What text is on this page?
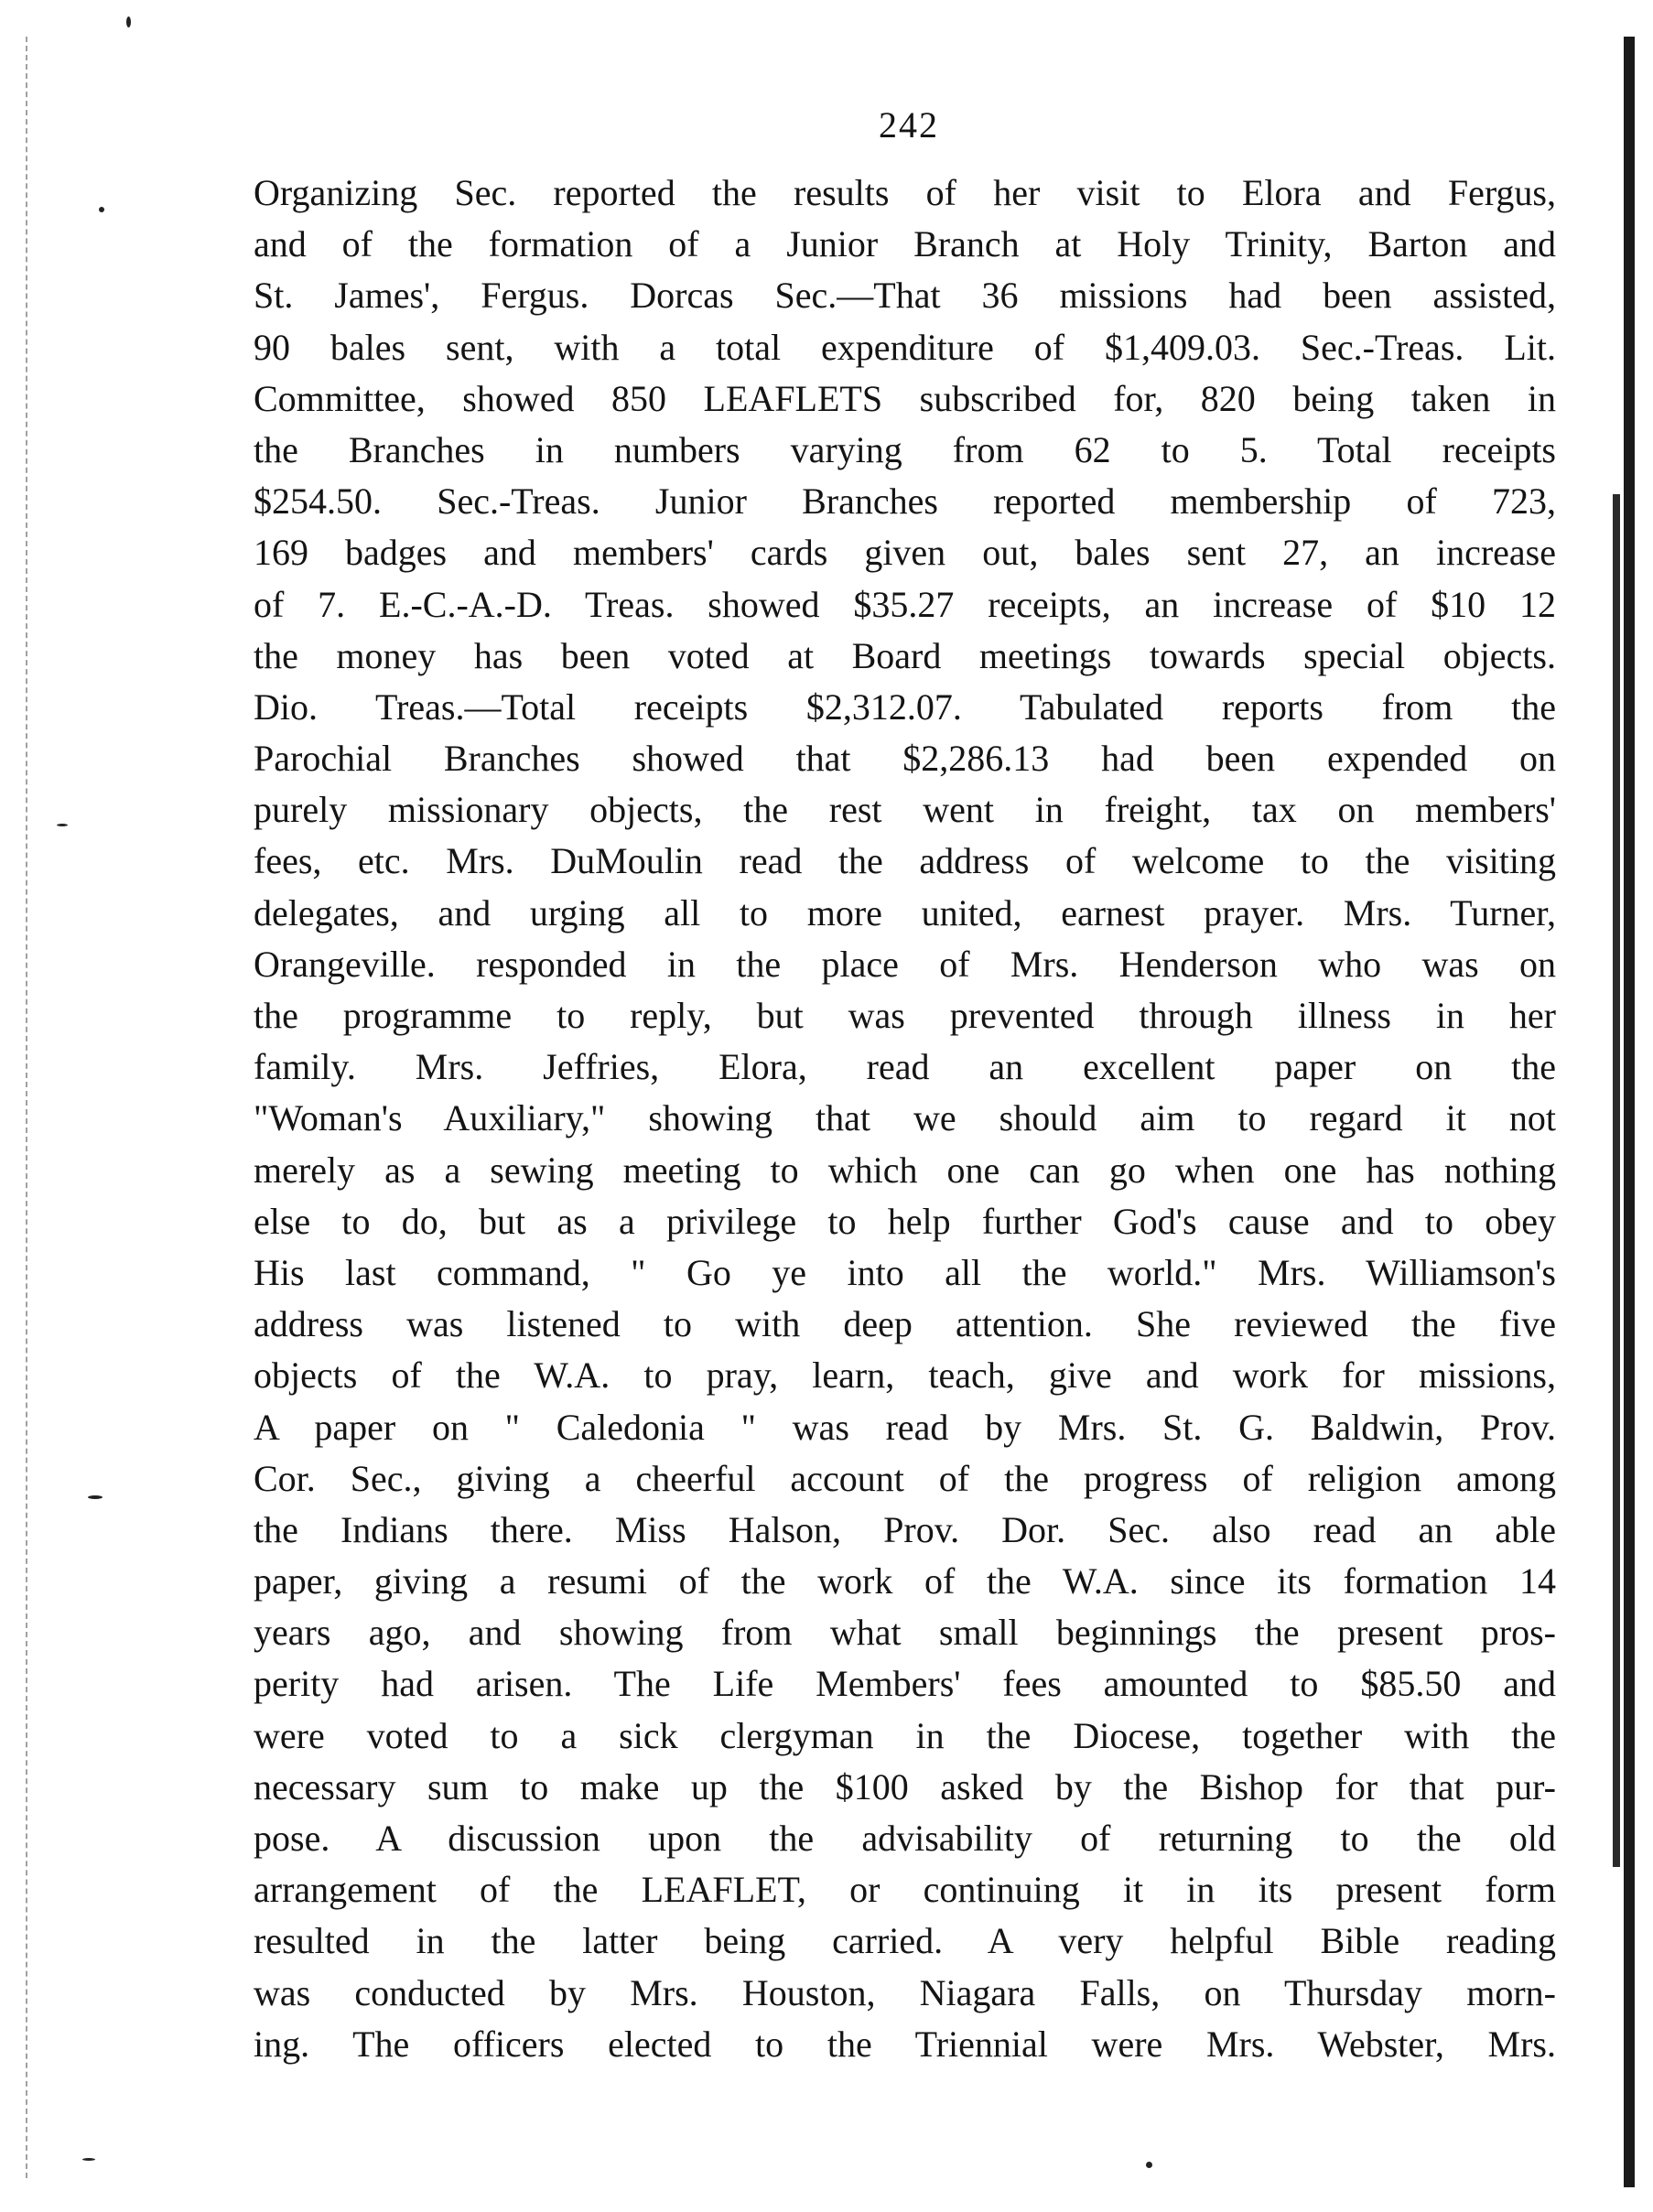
242
Organizing Sec. reported the results of her visit to Elora and Fergus,
and of the formation of a Junior Branch at Holy Trinity, Barton and
St. James', Fergus. Dorcas Sec.—That 36 missions had been assisted,
90 bales sent, with a total expenditure of $1,409.03. Sec.-Treas. Lit.
Committee, showed 850 LEAFLETS subscribed for, 820 being taken in
the Branches in numbers varying from 62 to 5. Total receipts
$254.50. Sec.-Treas. Junior Branches reported membership of 723,
169 badges and members' cards given out, bales sent 27, an increase
of 7. E.-C.-A.-D. Treas. showed $35.27 receipts, an increase of $10 12
the money has been voted at Board meetings towards special objects.
Dio. Treas.—Total receipts $2,312.07. Tabulated reports from the
Parochial Branches showed that $2,286.13 had been expended on
purely missionary objects, the rest went in freight, tax on members'
fees, etc. Mrs. DuMoulin read the address of welcome to the visiting
delegates, and urging all to more united, earnest prayer. Mrs. Turner,
Orangeville. responded in the place of Mrs. Henderson who was on
the programme to reply, but was prevented through illness in her
family. Mrs. Jeffries, Elora, read an excellent paper on the
"Woman's Auxiliary," showing that we should aim to regard it not
merely as a sewing meeting to which one can go when one has nothing
else to do, but as a privilege to help further God's cause and to obey
His last command, " Go ye into all the world." Mrs. Williamson's
address was listened to with deep attention. She reviewed the five
objects of the W.A. to pray, learn, teach, give and work for missions,
A paper on " Caledonia " was read by Mrs. St. G. Baldwin, Prov.
Cor. Sec., giving a cheerful account of the progress of religion among
the Indians there. Miss Halson, Prov. Dor. Sec. also read an able
paper, giving a resumi of the work of the W.A. since its formation 14
years ago, and showing from what small beginnings the present pros-
perity had arisen. The Life Members' fees amounted to $85.50 and
were voted to a sick clergyman in the Diocese, together with the
necessary sum to make up the $100 asked by the Bishop for that pur-
pose. A discussion upon the advisability of returning to the old
arrangement of the LEAFLET, or continuing it in its present form
resulted in the latter being carried. A very helpful Bible reading
was conducted by Mrs. Houston, Niagara Falls, on Thursday morn-
ing. The officers elected to the Triennial were Mrs. Webster, Mrs.
